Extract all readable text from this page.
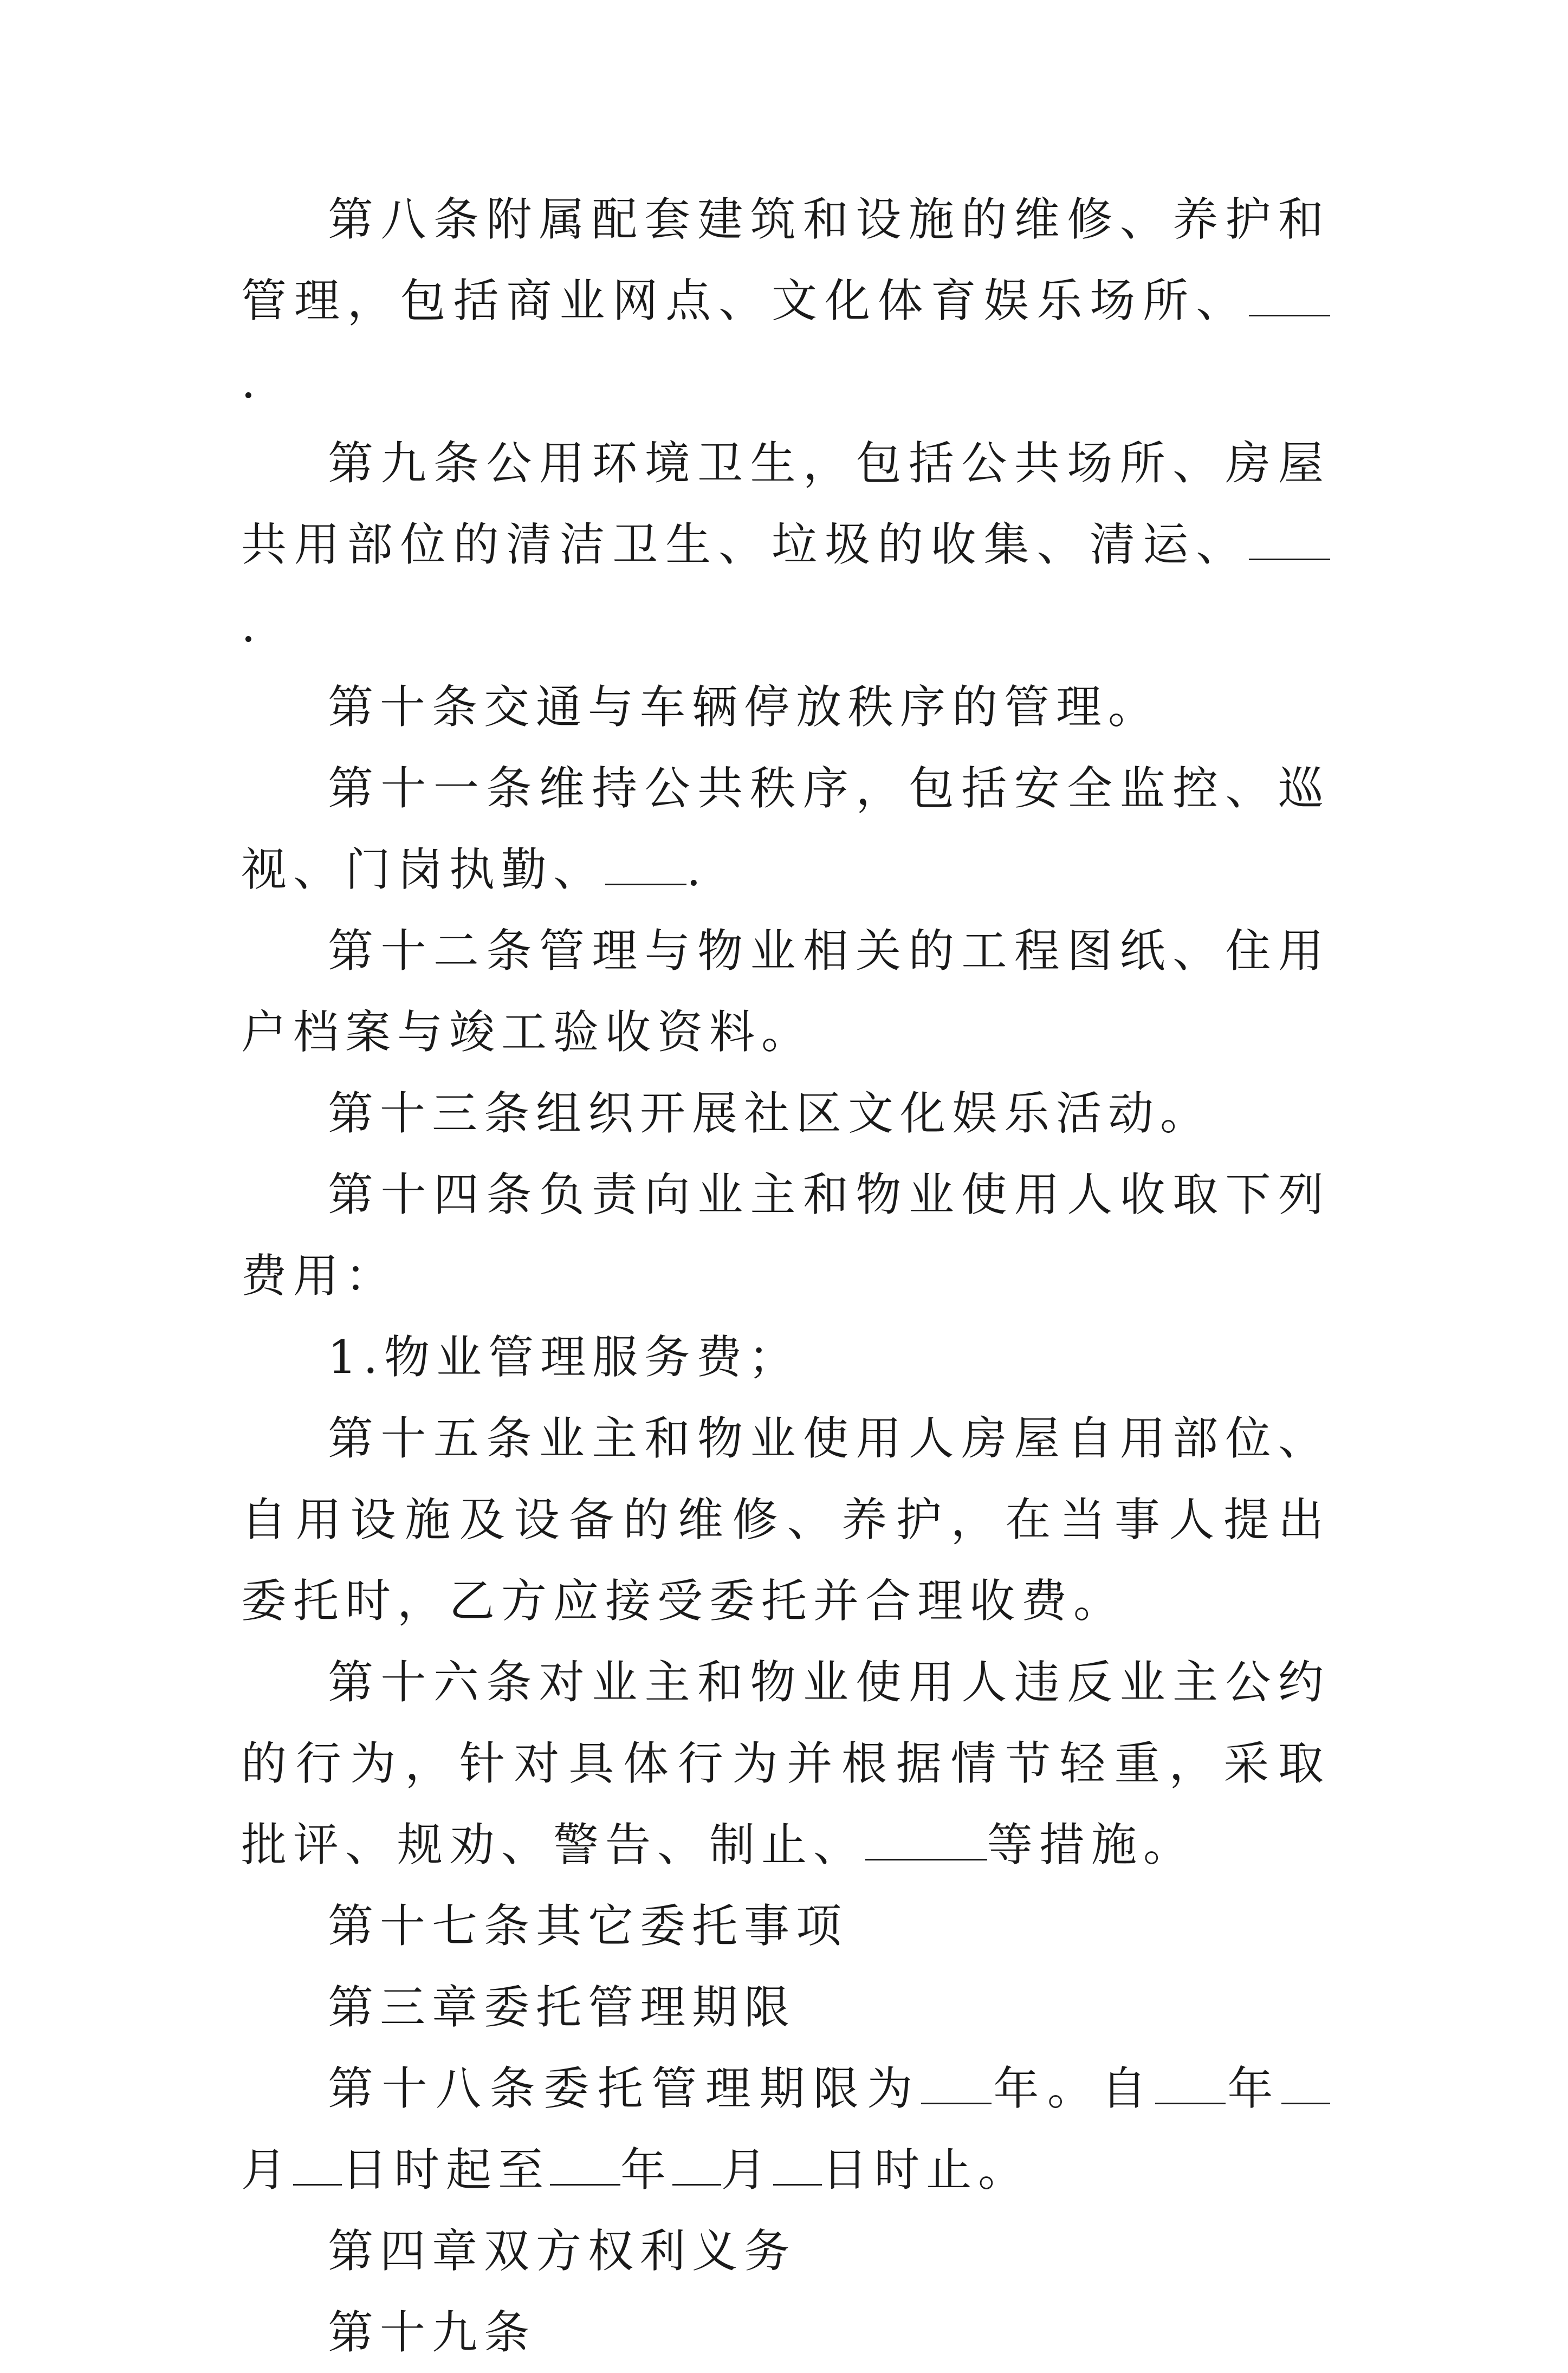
第八条附属配套建筑和设施的维修、养护和管理，包括商业网点、文化体育娱乐场所、.

第九条公用环境卫生，包括公共场所、房屋共用部位的清洁卫生、垃圾的收集、清运、.

第十条交通与车辆停放秩序的管理。

第十一条维持公共秩序，包括安全监控、巡视、门岗执勤、 .

第十二条管理与物业相关的工程图纸、住用户档案与竣工验收资料。

第十三条组织开展社区文化娱乐活动。

第十四条负责向业主和物业使用人收取下列费用：

1.物业管理服务费；

第十五条业主和物业使用人房屋自用部位、自用设施及设备的维修、养护，在当事人提出委托时，乙方应接受委托并合理收费。

第十六条对业主和物业使用人违反业主公约的行为，针对具体行为并根据情节轻重，采取批评、规劝、警告、制止、	等措施。

第十七条其它委托事项

第三章委托管理期限

第十八条委托管理期限为 年。自 年月 日时起至 年 月 日时止。

第四章双方权利义务

第十九条
